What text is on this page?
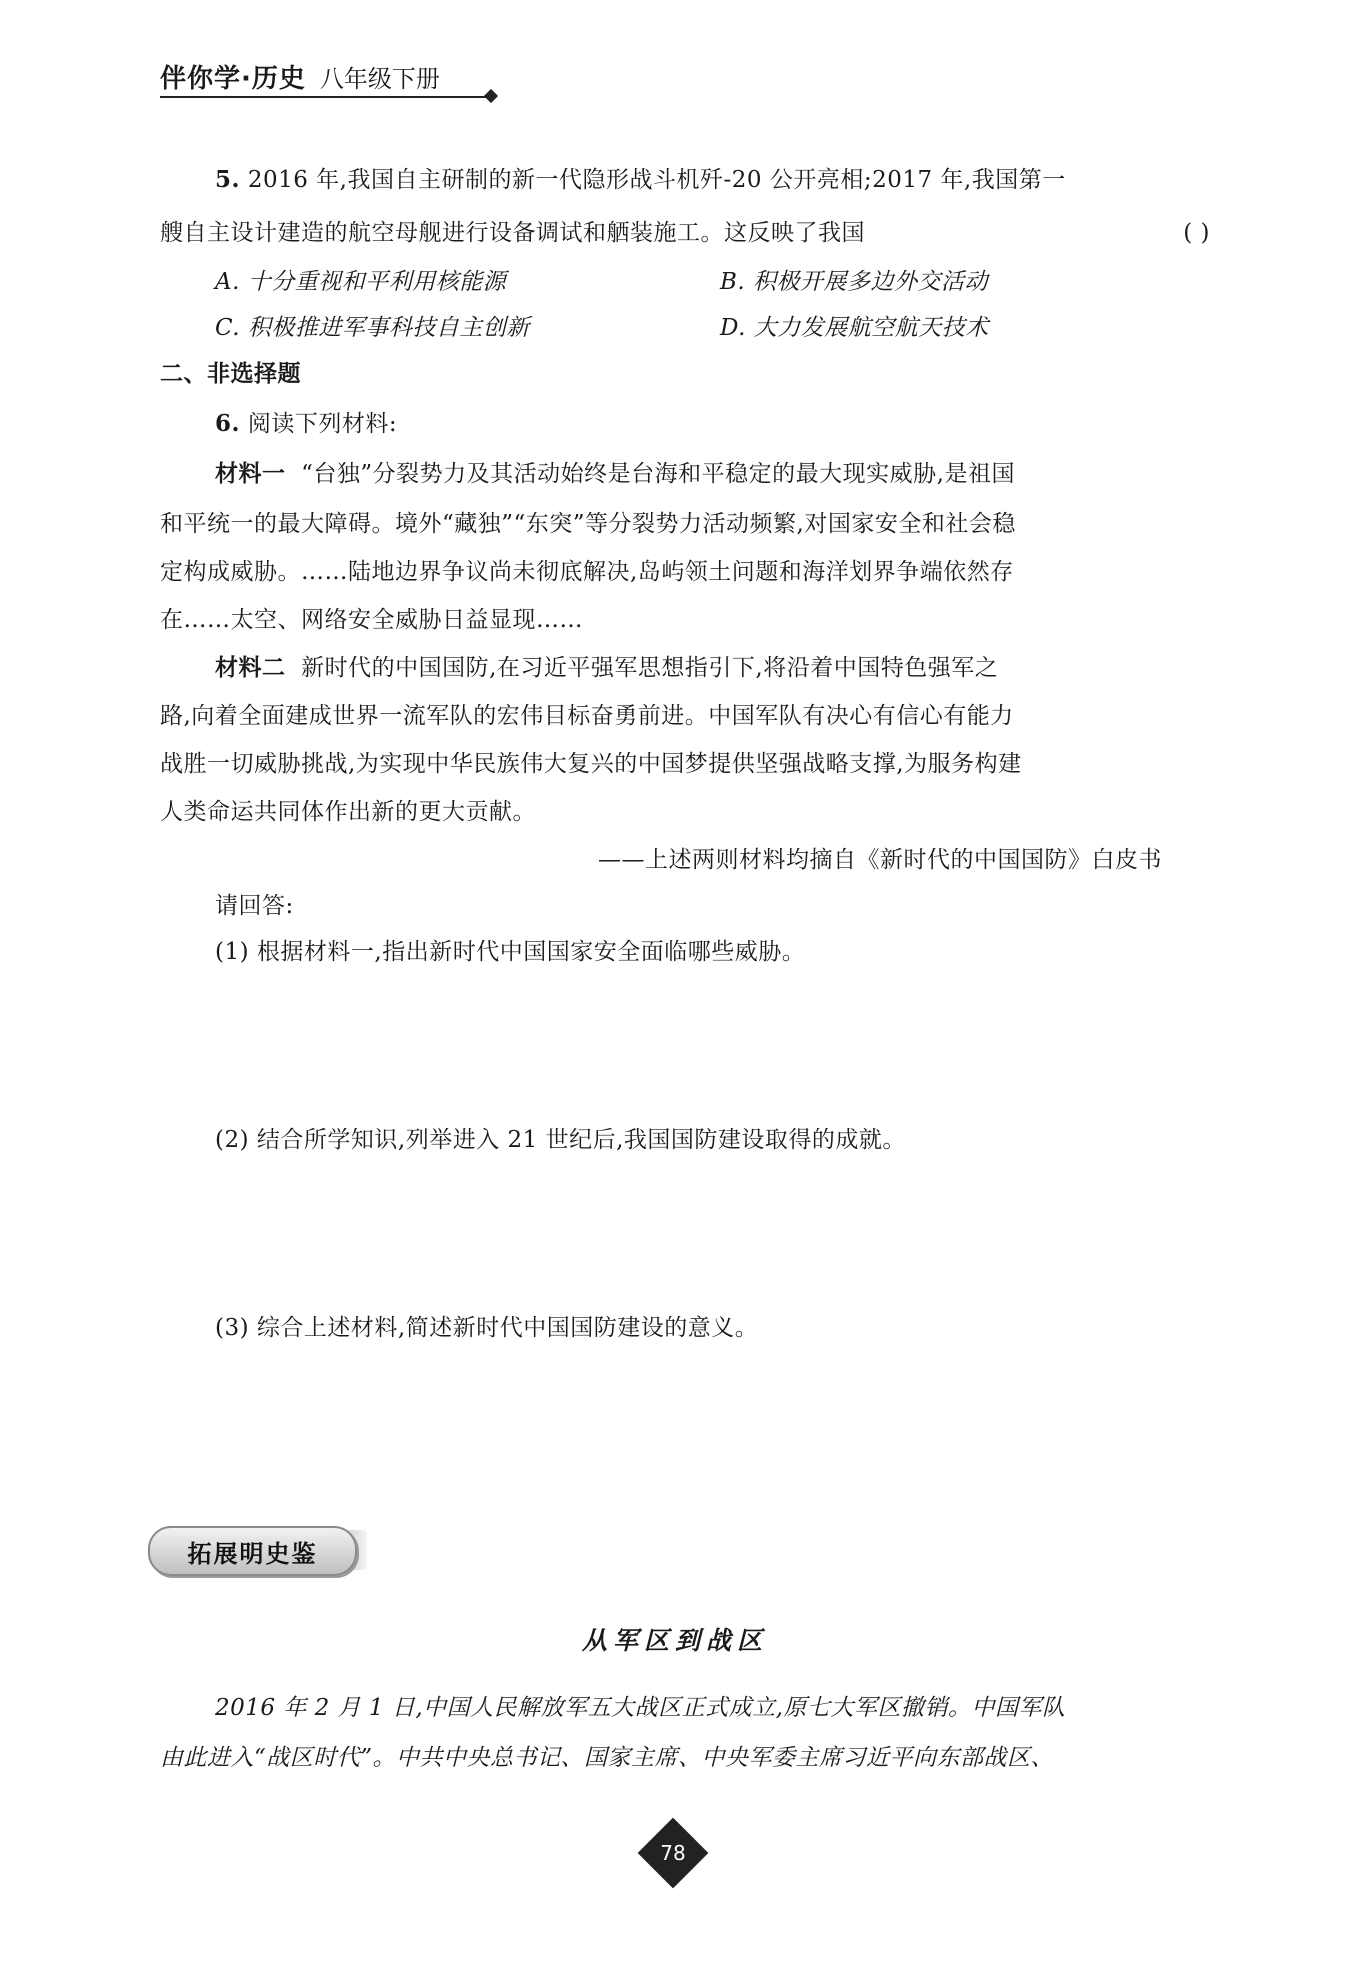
伴你学·历史 八年级下册
5. 2016 年,我国自主研制的新一代隐形战斗机歼-20 公开亮相;2017 年,我国第一
艘自主设计建造的航空母舰进行设备调试和舾装施工。这反映了我国	( )
A. 十分重视和平利用核能源	B. 积极开展多边外交活动
C. 积极推进军事科技自主创新	D. 大力发展航空航天技术
二、非选择题
6. 阅读下列材料:
材料一 “台独”分裂势力及其活动始终是台海和平稳定的最大现实威胁,是祖国
和平统一的最大障碍。境外“藏独”“东突”等分裂势力活动频繁,对国家安全和社会稳
定构成威胁。……陆地边界争议尚未彻底解决,岛屿领土问题和海洋划界争端依然存
在……太空、网络安全威胁日益显现……
材料二 新时代的中国国防,在习近平强军思想指引下,将沿着中国特色强军之
路,向着全面建成世界一流军队的宏伟目标奋勇前进。中国军队有决心有信心有能力
战胜一切威胁挑战,为实现中华民族伟大复兴的中国梦提供坚强战略支撑,为服务构建
人类命运共同体作出新的更大贡献。
——上述两则材料均摘自《新时代的中国国防》白皮书
请回答:
(1) 根据材料一,指出新时代中国国家安全面临哪些威胁。
(2) 结合所学知识,列举进入 21 世纪后,我国国防建设取得的成就。
(3) 综合上述材料,简述新时代中国国防建设的意义。
拓展明史鉴
从军区到战区
2016 年 2 月 1 日,中国人民解放军五大战区正式成立,原七大军区撤销。中国军队
由此进入“战区时代”。中共中央总书记、国家主席、中央军委主席习近平向东部战区、
78
